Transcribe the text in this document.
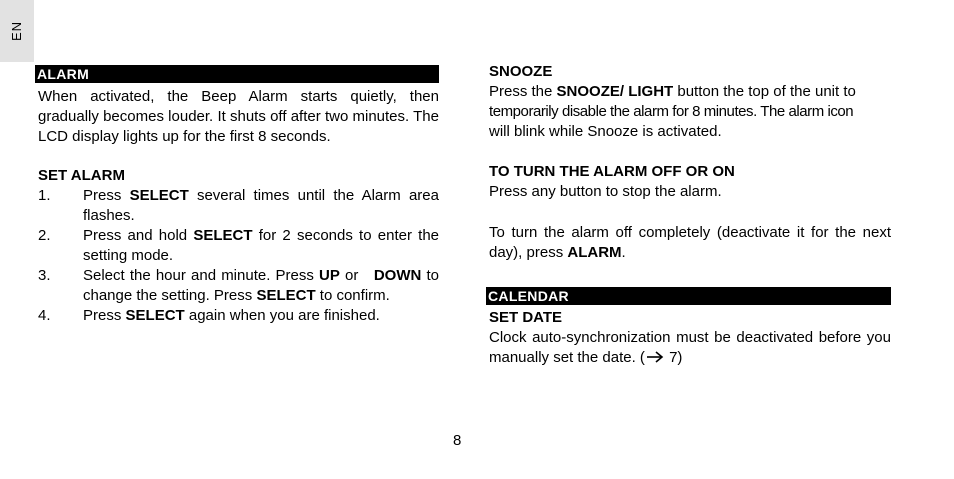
EN
ALARM

When activated, the Beep Alarm starts quietly, then gradually becomes louder. It shuts off after two minutes. The LCD display lights up for the first 8 seconds.

SET ALARM
1. Press SELECT several times until the Alarm area flashes.
2. Press and hold SELECT for 2 seconds to enter the setting mode.
3. Select the hour and minute. Press UP or   DOWN to change the setting. Press SELECT to confirm.
4. Press SELECT again when you are finished.
SNOOZE
Press the SNOOZE/ LIGHT button the top of the unit to
temporarily disable the alarm for 8 minutes. The alarm icon
will blink while Snooze is activated.
TO TURN THE ALARM OFF OR ON
Press any button to stop the alarm.

To turn the alarm off completely (deactivate it for the next day), press ALARM.

CALENDAR
SET DATE

Clock auto-synchronization must be deactivated before you manually set the date. ( 7)

8
